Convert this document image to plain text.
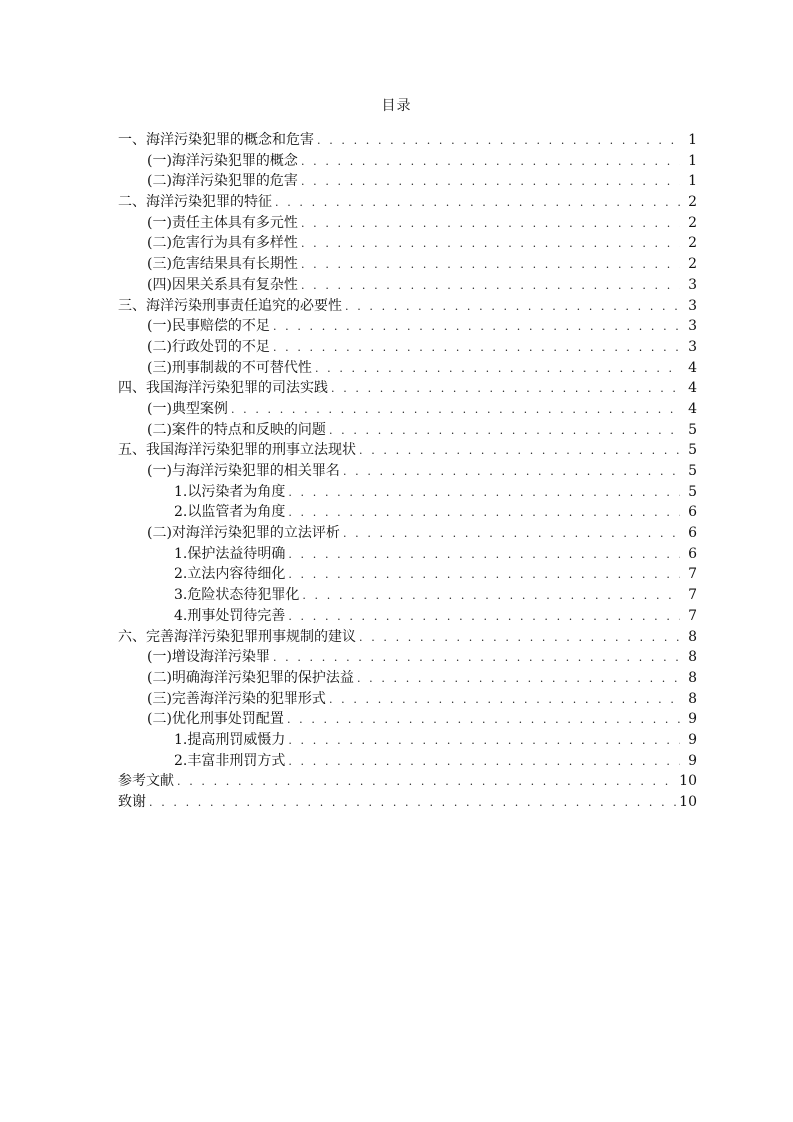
目录
一、海洋污染犯罪的概念和危害 . . .	1
(一)海洋污染犯罪的概念 . . .	1
(二)海洋污染犯罪的危害 . . .	1
二、海洋污染犯罪的特征 . . .	2
(一)责任主体具有多元性 . . .	2
(二)危害行为具有多样性 . . .	2
(三)危害结果具有长期性 . . .	2
(四)因果关系具有复杂性 . . .	3
三、海洋污染刑事责任追究的必要性 . . .	3
(一)民事赔偿的不足 . . .	3
(二)行政处罚的不足 . . .	3
(三)刑事制裁的不可替代性 . . .	4
四、我国海洋污染犯罪的司法实践 . . .	4
(一)典型案例 . . .	4
(二)案件的特点和反映的问题 . . .	5
五、我国海洋污染犯罪的刑事立法现状 . . .	5
(一)与海洋污染犯罪的相关罪名 . . .	5
1.以污染者为角度 . . .	5
2.以监管者为角度 . . .	6
(二)对海洋污染犯罪的立法评析 . . .	6
1.保护法益待明确 . . .	6
2.立法内容待细化 . . .	7
3.危险状态待犯罪化 . . .	7
4.刑事处罚待完善 . . .	7
六、完善海洋污染犯罪刑事规制的建议 . . .	8
(一)增设海洋污染罪 . . .	8
(二)明确海洋污染犯罪的保护法益 . . .	8
(三)完善海洋污染的犯罪形式 . . .	8
(二)优化刑事处罚配置 . . .	9
1.提高刑罚威慑力 . . .	9
2.丰富非刑罚方式 . . .	9
参考文献 . . .	10
致谢 . . .	10
